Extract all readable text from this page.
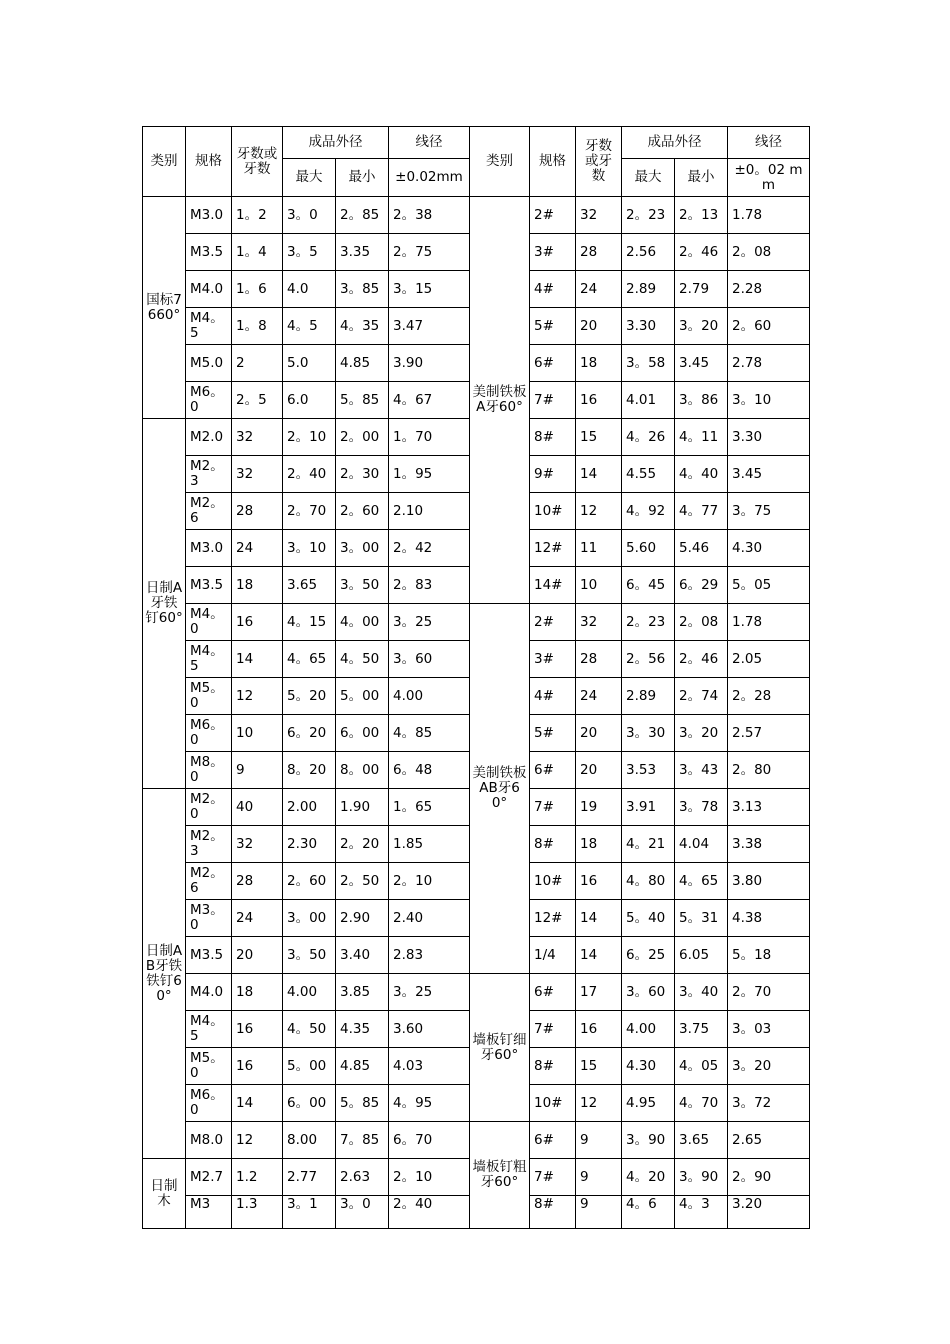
类别	规格	牙数或牙数	成品外径		线径	类别	规格	牙数或牙数	成品外径		线径
			最大	最小	±0.02mm				最大	最小	±0。02 mm
国标7660°	M3.0	1。2	3。0	2。85	2。38	美制铁板A牙60°	2#	32	2。23	2。13	1.78
	M3.5	1。4	3。5	3.35	2。75		3#	28	2.56	2。46	2。08
	M4.0	1。6	4.0	3。85	3。15		4#	24	2.89	2.79	2.28
	M4。5	1。8	4。5	4。35	3.47		5#	20	3.30	3。20	2。60
	M5.0	2	5.0	4.85	3.90		6#	18	3。58	3.45	2.78
	M6。0	2。5	6.0	5。85	4。67		7#	16	4.01	3。86	3。10
日制A牙铁钉60°	M2.0	32	2。10	2。00	1。70		8#	15	4。26	4。11	3.30
	M2。3	32	2。40	2。30	1。95		9#	14	4.55	4。40	3.45
	M2。6	28	2。70	2。60	2.10		10#	12	4。92	4。77	3。75
	M3.0	24	3。10	3。00	2。42		12#	11	5.60	5.46	4.30
	M3.5	18	3.65	3。50	2。83		14#	10	6。45	6。29	5。05
	M4。0	16	4。15	4。00	3。25	美制铁板AB牙60°	2#	32	2。23	2。08	1.78
	M4。5	14	4。65	4。50	3。60		3#	28	2。56	2。46	2.05
	M5。0	12	5。20	5。00	4.00		4#	24	2.89	2。74	2。28
	M6。0	10	6。20	6。00	4。85		5#	20	3。30	3。20	2.57
	M8。0	9	8。20	8。00	6。48		6#	20	3.53	3。43	2。80
日制AB牙铁铁钉60°	M2。0	40	2.00	1.90	1。65		7#	19	3.91	3。78	3.13
	M2。3	32	2.30	2。20	1.85		8#	18	4。21	4.04	3.38
	M2。6	28	2。60	2。50	2。10		10#	16	4。80	4。65	3.80
	M3。0	24	3。00	2.90	2.40		12#	14	5。40	5。31	4.38
	M3.5	20	3。50	3.40	2.83		1/4	14	6。25	6.05	5。18
	M4.0	18	4.00	3.85	3。25	墙板钉细牙60°	6#	17	3。60	3。40	2。70
	M4。5	16	4。50	4.35	3.60		7#	16	4.00	3.75	3。03
	M5。0	16	5。00	4.85	4.03		8#	15	4.30	4。05	3。20
	M6。0	14	6。00	5。85	4。95		10#	12	4.95	4。70	3。72
	M8.0	12	8.00	7。85	6。70	墙板钉粗牙60°	6#	9	3。90	3.65	2.65
日制木	M2.7	1.2	2.77	2.63	2。10		7#	9	4。20	3。90	2。90
	M3	1.3	3。1	3。0	2。40		8#	9	4。6	4。3	3.20
